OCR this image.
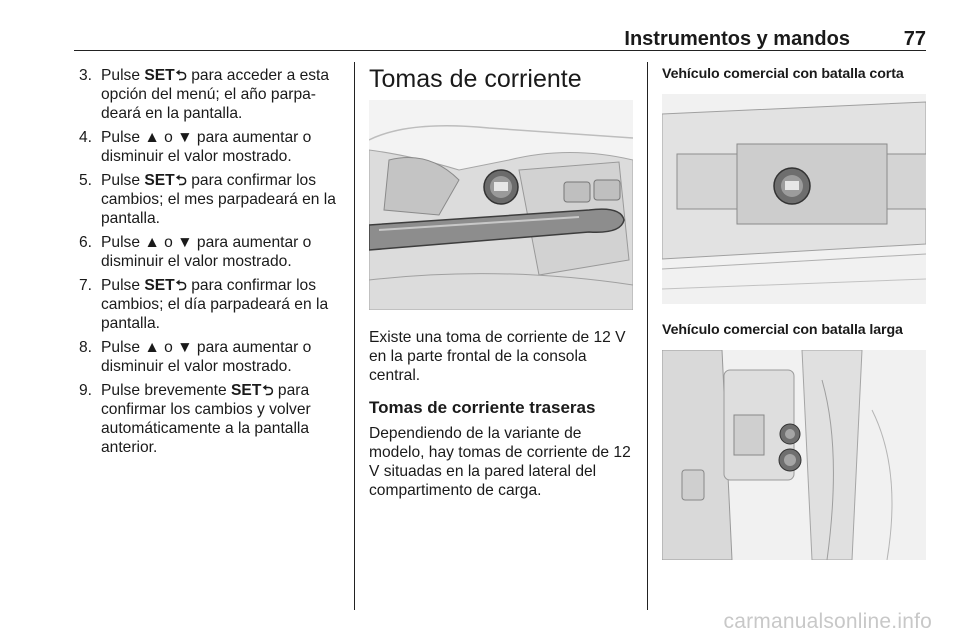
Instrumentos y mandos	77
3. Pulse SET⮌ para acceder a esta opción del menú; el año parpa‐ deará en la pantalla.
4. Pulse ▲ o ▼ para aumentar o disminuir el valor mostrado.
5. Pulse SET⮌ para confirmar los cambios; el mes parpadeará en la pantalla.
6. Pulse ▲ o ▼ para aumentar o disminuir el valor mostrado.
7. Pulse SET⮌ para confirmar los cambios; el día parpadeará en la pantalla.
8. Pulse ▲ o ▼ para aumentar o disminuir el valor mostrado.
9. Pulse brevemente SET⮌ para confirmar los cambios y volver automáticamente a la pantalla anterior.
Tomas de corriente

Existe una toma de corriente de 12 V en la parte frontal de la consola central.

Tomas de corriente traseras

Dependiendo de la variante de modelo, hay tomas de corriente de 12 V situadas en la pared lateral del compartimento de carga.

Vehículo comercial con batalla corta

Vehículo comercial con batalla larga

carmanualsonline.info
